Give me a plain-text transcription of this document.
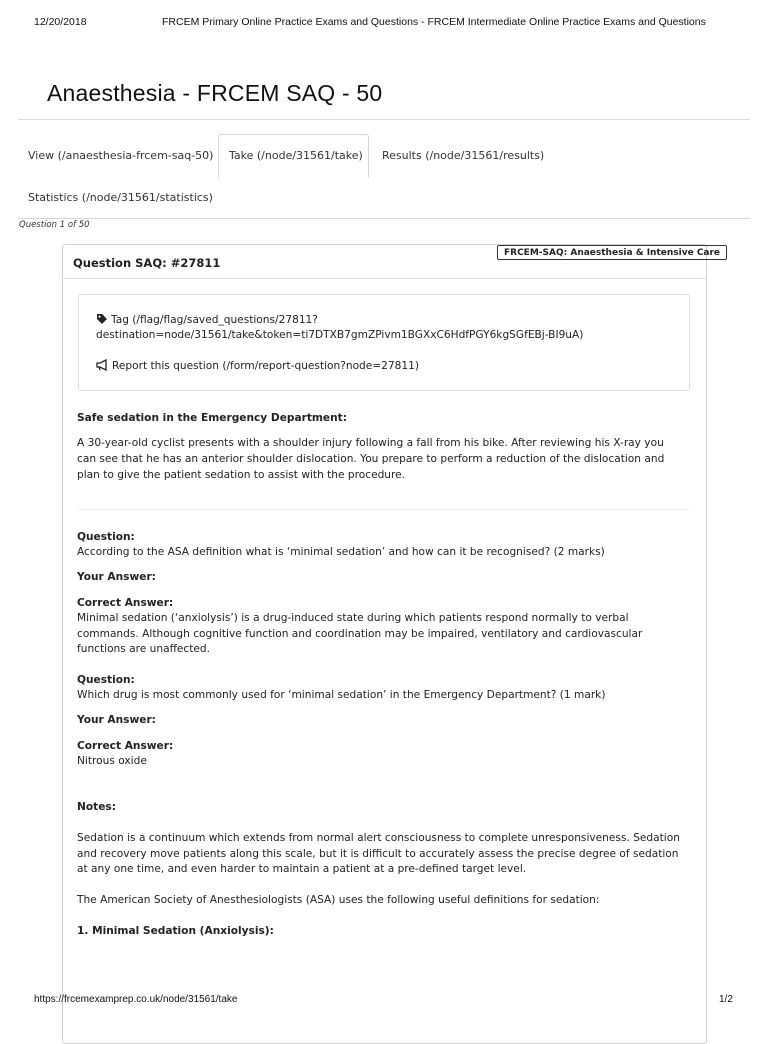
12/20/2018	FRCEM Primary Online Practice Exams and Questions - FRCEM Intermediate Online Practice Exams and Questions
Anaesthesia - FRCEM SAQ - 50
View (/anaesthesia-frcem-saq-50) Take (/node/31561/take) Results (/node/31561/results)
Statistics (/node/31561/statistics)
Question 1 of 50
Question SAQ: #27811
FRCEM-SAQ: Anaesthesia & Intensive Care
Tag (/flag/flag/saved_questions/27811?
destination=node/31561/take&token=ti7DTXB7gmZPivm1BGXxC6HdfPGY6kgSGfEBj-BI9uA)
Report this question (/form/report-question?node=27811)
Safe sedation in the Emergency Department:
A 30-year-old cyclist presents with a shoulder injury following a fall from his bike. After reviewing his X-ray you
can see that he has an anterior shoulder dislocation. You prepare to perform a reduction of the dislocation and
plan to give the patient sedation to assist with the procedure.
Question:
According to the ASA definition what is ‘minimal sedation’ and how can it be recognised? (2 marks)
Your Answer:
Correct Answer:
Minimal sedation (‘anxiolysis’) is a drug-induced state during which patients respond normally to verbal
commands. Although cognitive function and coordination may be impaired, ventilatory and cardiovascular
functions are unaffected.
Question:
Which drug is most commonly used for ‘minimal sedation’ in the Emergency Department? (1 mark)
Your Answer:
Correct Answer:
Nitrous oxide
Notes:
Sedation is a continuum which extends from normal alert consciousness to complete unresponsiveness. Sedation
and recovery move patients along this scale, but it is difficult to accurately assess the precise degree of sedation
at any one time, and even harder to maintain a patient at a pre-defined target level.
The American Society of Anesthesiologists (ASA) uses the following useful definitions for sedation:
1. Minimal Sedation (Anxiolysis):
https://frcemexamprep.co.uk/node/31561/take	1/2
